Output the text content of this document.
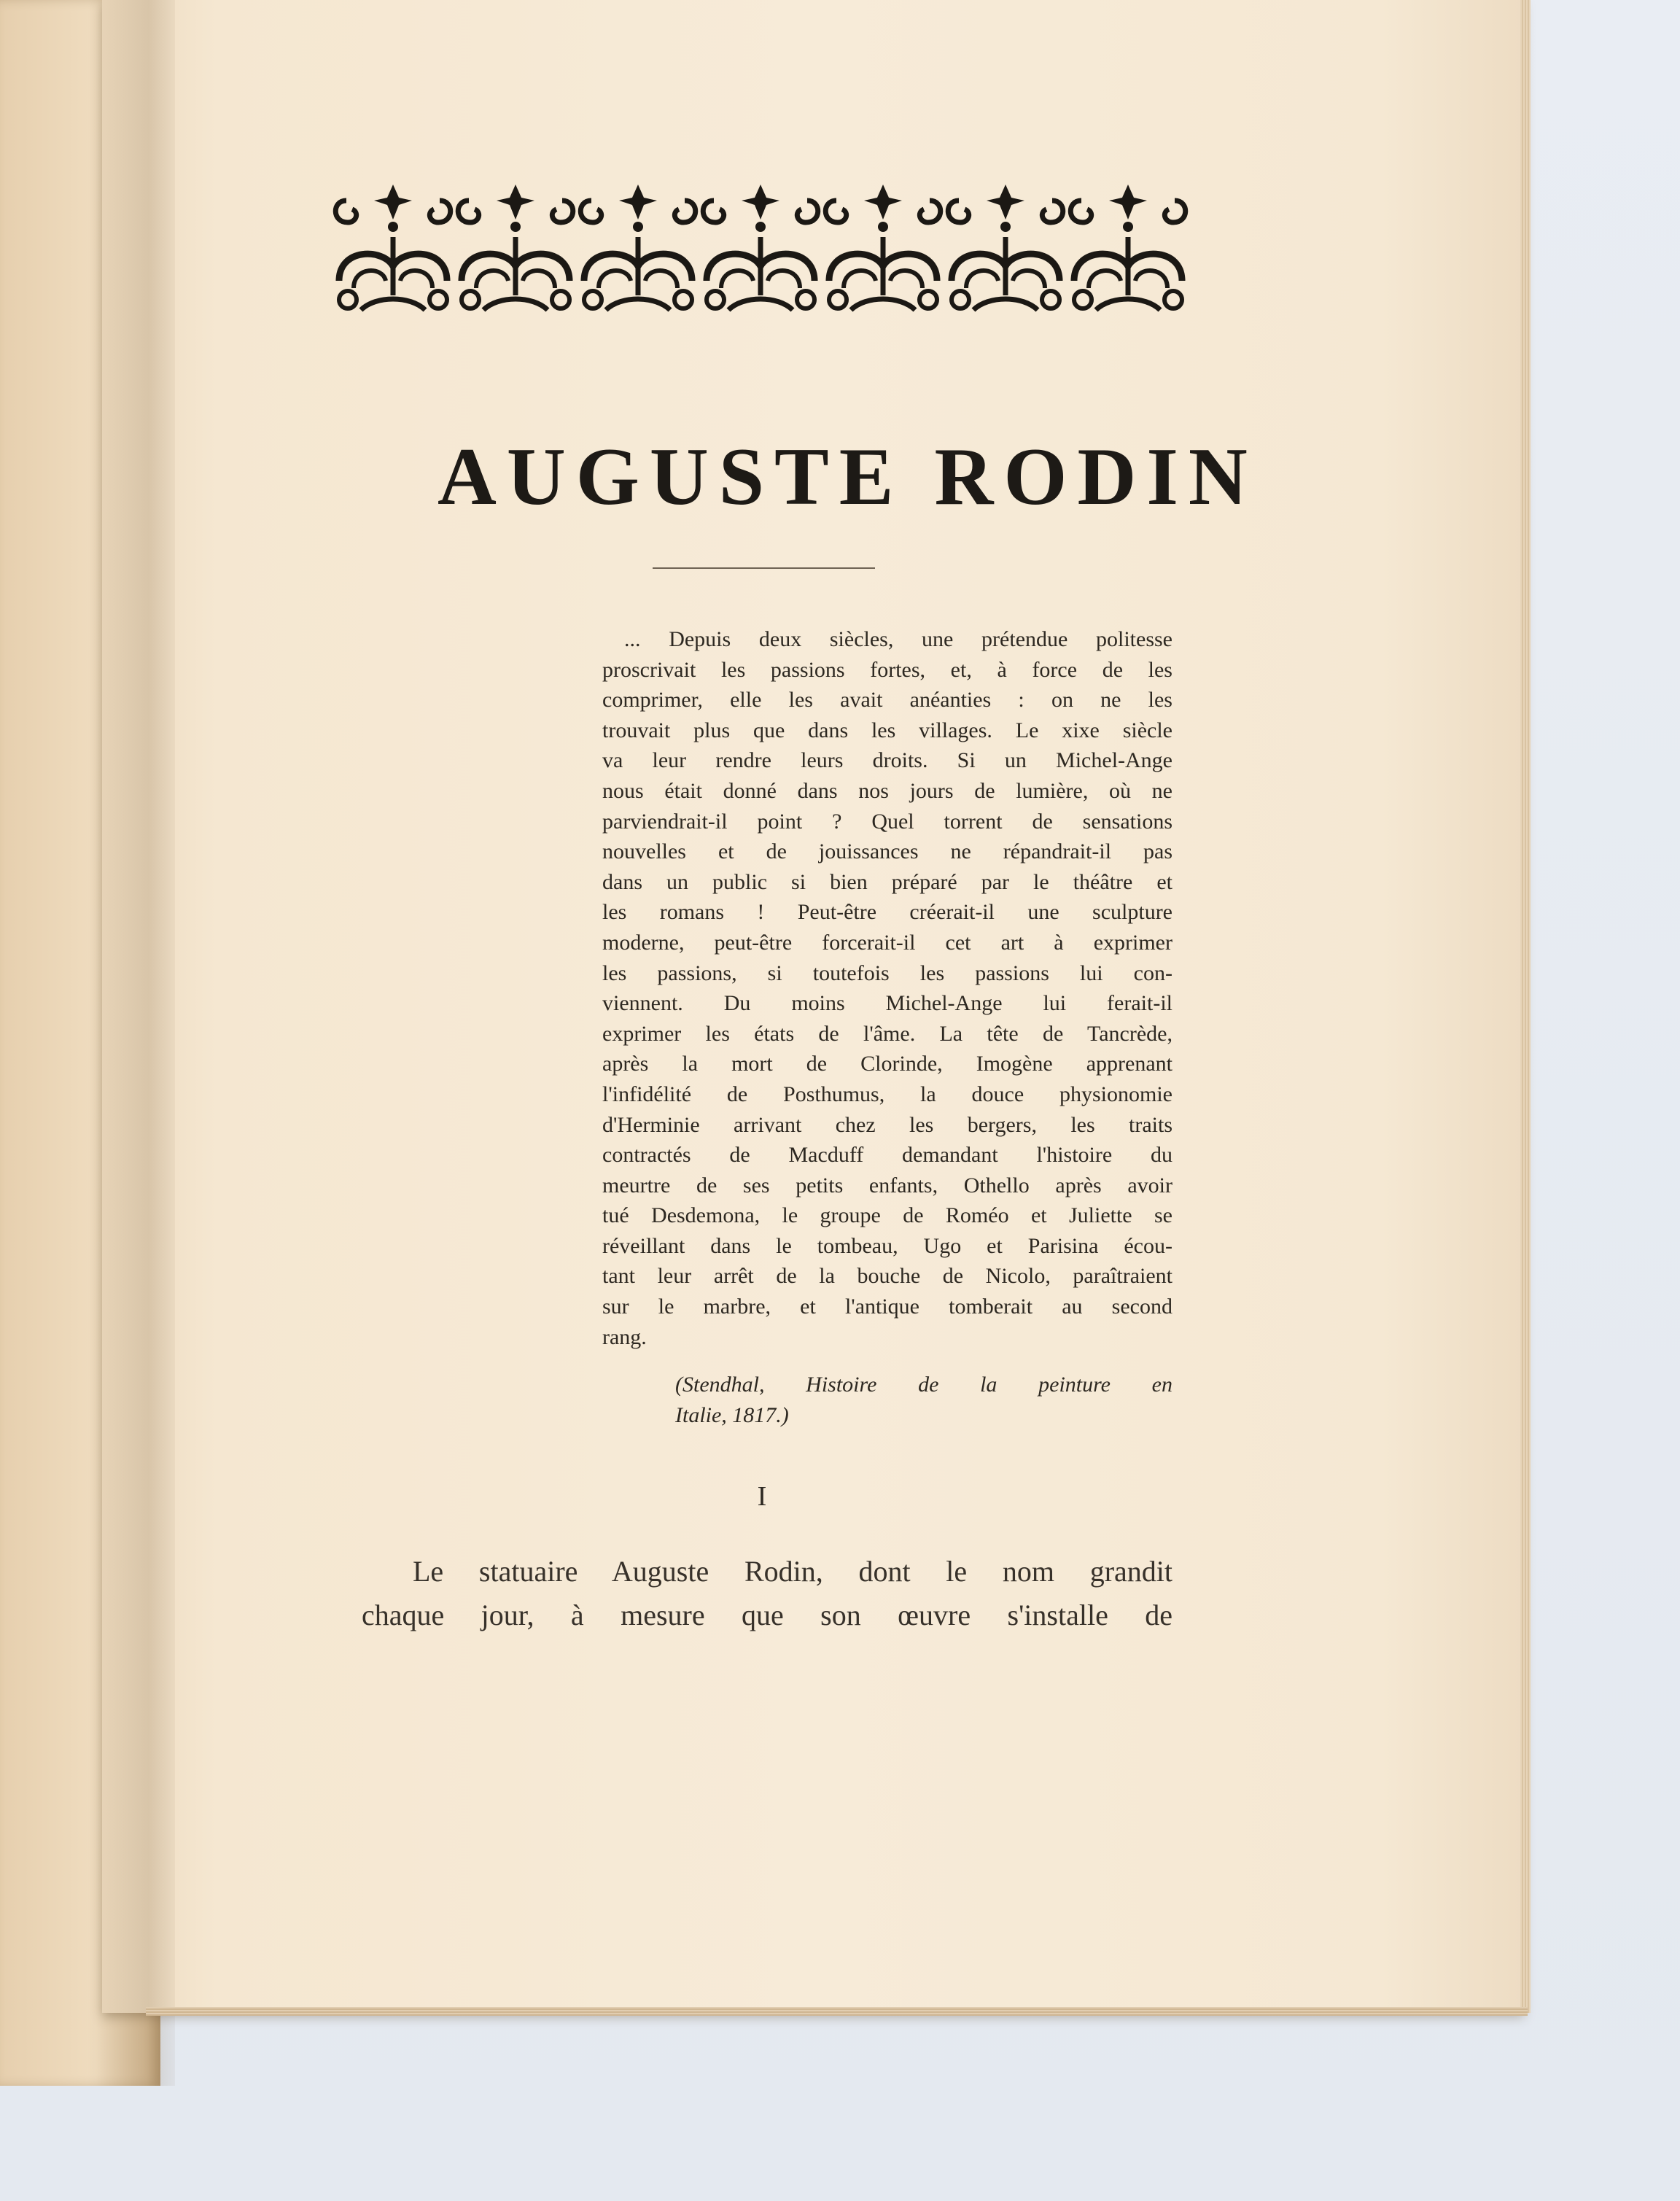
AUGUSTE RODIN
... Depuis deux siècles, une prétendue politesse
proscrivait les passions fortes, et, à force de les
comprimer, elle les avait anéanties : on ne les
trouvait plus que dans les villages. Le xixe siècle
va leur rendre leurs droits. Si un Michel-Ange
nous était donné dans nos jours de lumière, où ne
parviendrait-il point ? Quel torrent de sensations
nouvelles et de jouissances ne répandrait-il pas
dans un public si bien préparé par le théâtre et
les romans ! Peut-être créerait-il une sculpture
moderne, peut-être forcerait-il cet art à exprimer
les passions, si toutefois les passions lui con-
viennent. Du moins Michel-Ange lui ferait-il
exprimer les états de l'âme. La tête de Tancrède,
après la mort de Clorinde, Imogène apprenant
l'infidélité de Posthumus, la douce physionomie
d'Herminie arrivant chez les bergers, les traits
contractés de Macduff demandant l'histoire du
meurtre de ses petits enfants, Othello après avoir
tué Desdemona, le groupe de Roméo et Juliette se
réveillant dans le tombeau, Ugo et Parisina écou-
tant leur arrêt de la bouche de Nicolo, paraîtraient
sur le marbre, et l'antique tomberait au second
rang.
(Stendhal, Histoire de la peinture en
Italie, 1817.)
I
Le statuaire Auguste Rodin, dont le nom grandit
chaque jour, à mesure que son œuvre s'installe de
